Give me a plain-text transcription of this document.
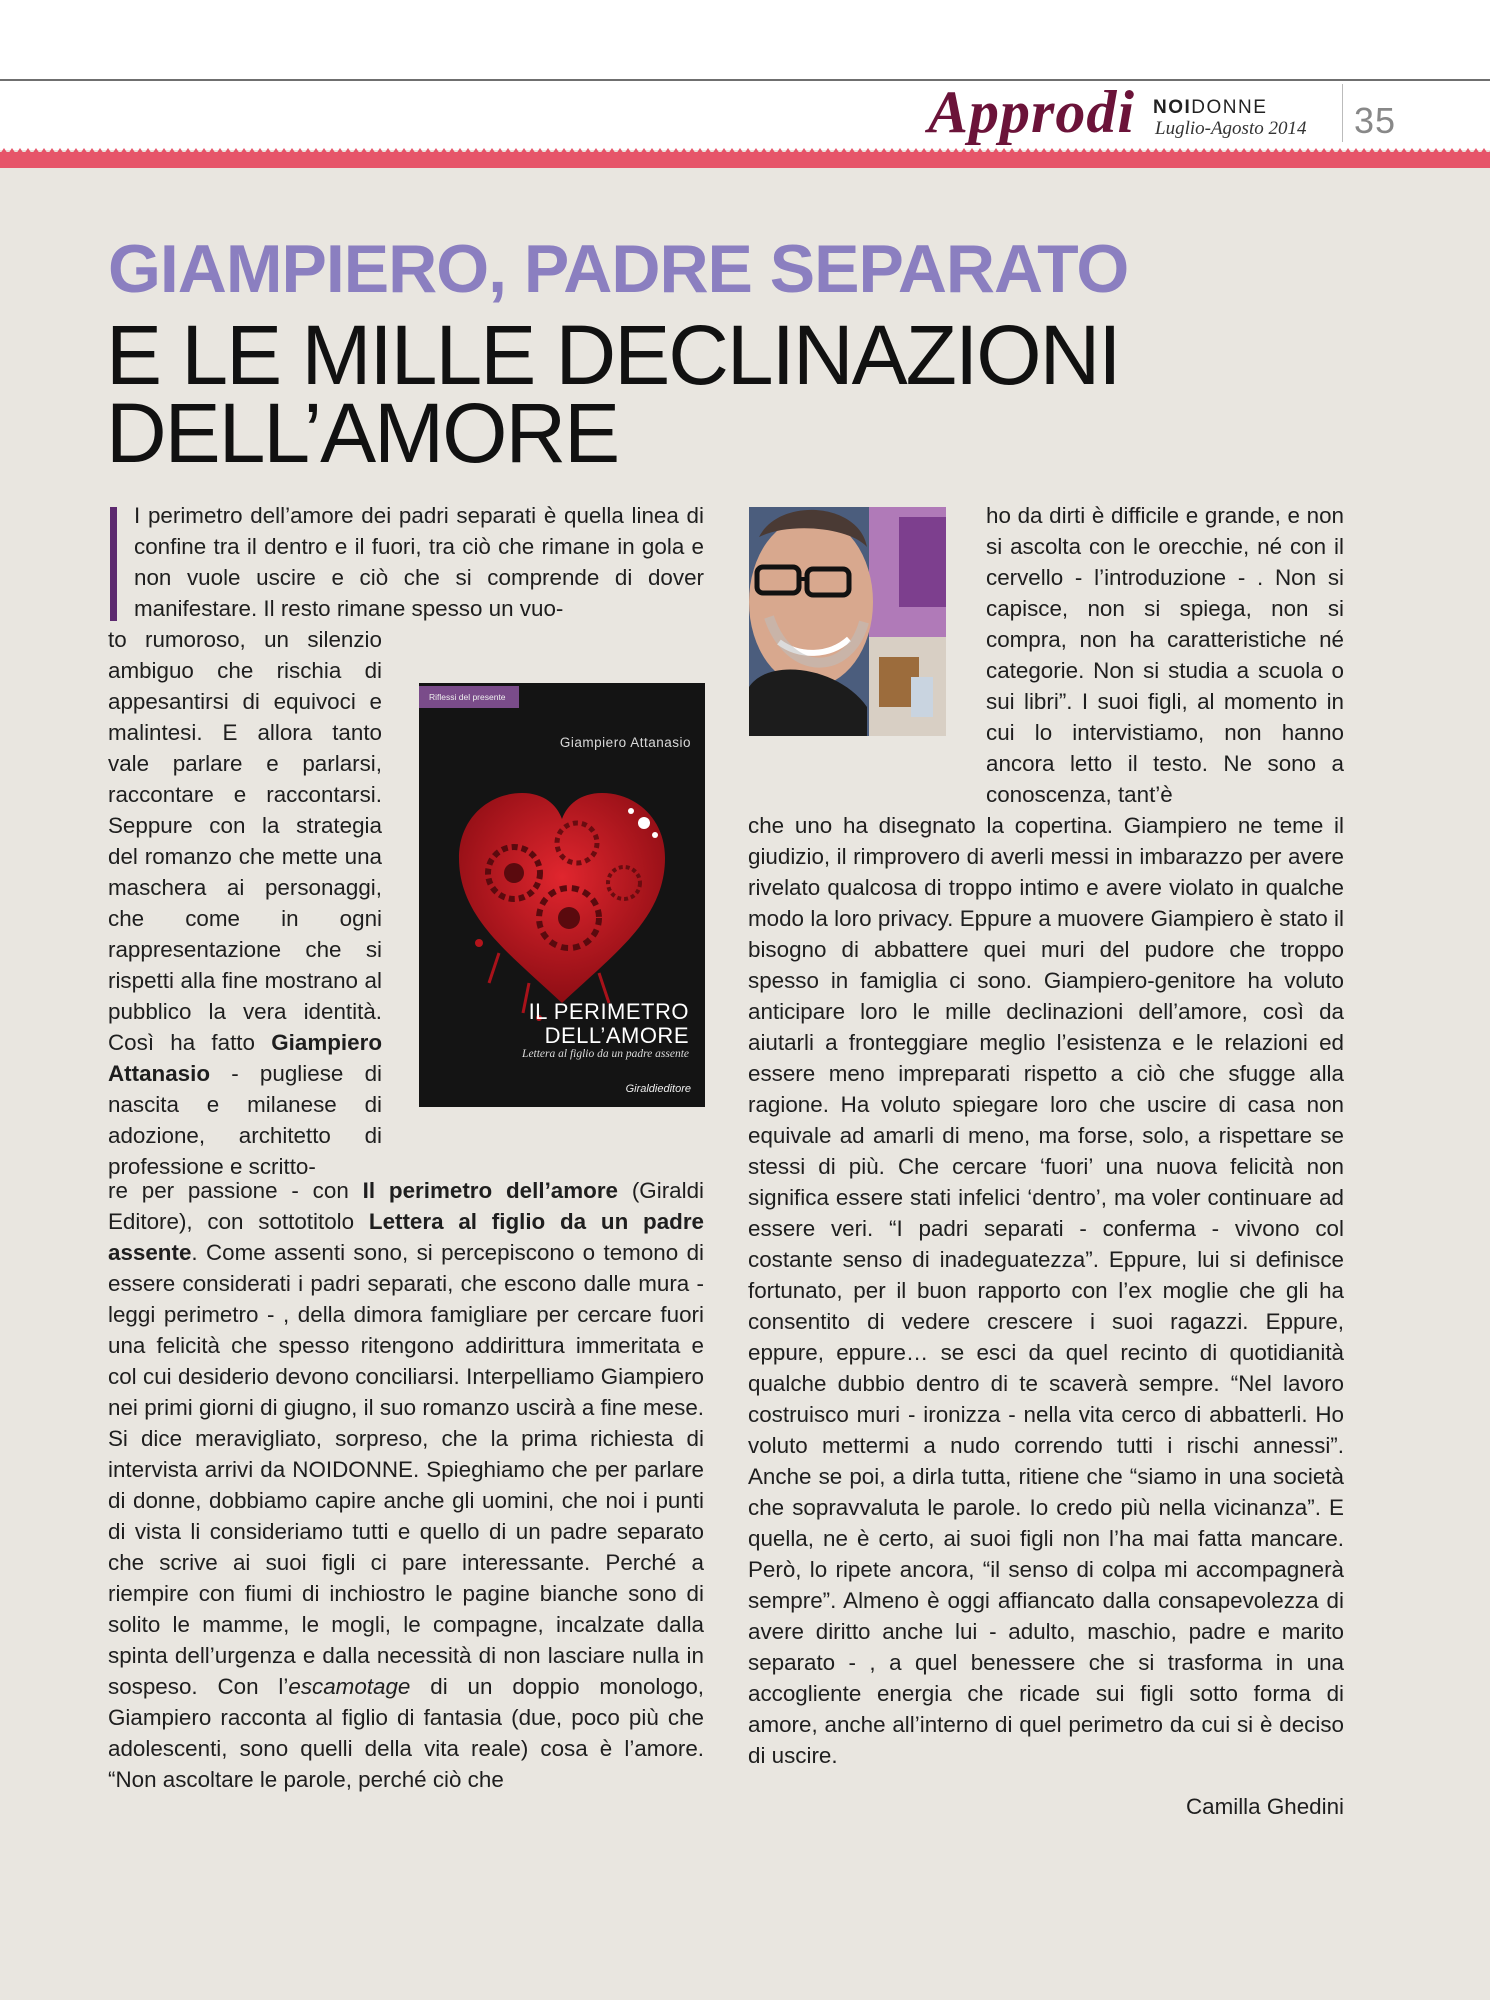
Approdi NOIDONNE
Luglio-Agosto 2014 35
GIAMPIERO, PADRE SEPARATO
E LE MILLE DECLINAZIONI
DELL’AMORE

I perimetro dell’amore dei padri separati è quella linea di confine tra il dentro e il fuori, tra ciò che rimane in gola e non vuole uscire e ciò che si comprende di dover manifestare. Il resto rimane spesso un vuo-

to rumoroso, un silenzio ambiguo che rischia di appesantirsi di equivoci e malintesi. E allora tanto vale parlare e parlarsi, raccontare e raccontarsi. Seppure con la strategia del romanzo che mette una maschera ai personaggi, che come in ogni rappresentazione che si rispetti alla fine mostrano al pubblico la vera identità. Così ha fatto Giampiero Attanasio - pugliese di nascita e milanese di adozione, architetto di professione e scritto-

Riflessi del presente
Giampiero Attanasio
IL PERIMETRO
DELL’AMORE
Lettera al figlio da un padre assente
Giraldieditore

re per passione - con Il perimetro dell’amore (Giraldi Editore), con sottotitolo Lettera al figlio da un padre assente. Come assenti sono, si percepiscono o temono di essere considerati i padri separati, che escono dalle mura - leggi perimetro - , della dimora famigliare per cercare fuori una felicità che spesso ritengono addirittura immeritata e col cui desiderio devono conciliarsi. Interpelliamo Giampiero nei primi giorni di giugno, il suo romanzo uscirà a fine mese. Si dice meravigliato, sorpreso, che la prima richiesta di intervista arrivi da NOIDONNE. Spieghiamo che per parlare di donne, dobbiamo capire anche gli uomini, che noi i punti di vista li consideriamo tutti e quello di un padre separato che scrive ai suoi figli ci pare interessante. Perché a riempire con fiumi di inchiostro le pagine bianche sono di solito le mamme, le mogli, le compagne, incalzate dalla spinta dell’urgenza e dalla necessità di non lasciare nulla in sospeso. Con l’escamotage di un doppio monologo, Giampiero racconta al figlio di fantasia (due, poco più che adolescenti, sono quelli della vita reale) cosa è l’amore. “Non ascoltare le parole, perché ciò che

ho da dirti è difficile e grande, e non si ascolta con le orecchie, né con il cervello - l’introduzione - . Non si capisce, non si spiega, non si compra, non ha caratteristiche né categorie. Non si studia a scuola o sui libri”. I suoi figli, al momento in cui lo intervistiamo, non hanno ancora letto il testo. Ne sono a conoscenza, tant’è

che uno ha disegnato la copertina. Giampiero ne teme il giudizio, il rimprovero di averli messi in imbarazzo per avere rivelato qualcosa di troppo intimo e avere violato in qualche modo la loro privacy. Eppure a muovere Giampiero è stato il bisogno di abbattere quei muri del pudore che troppo spesso in famiglia ci sono. Giampiero-genitore ha voluto anticipare loro le mille declinazioni dell’amore, così da aiutarli a fronteggiare meglio l’esistenza e le relazioni ed essere meno impreparati rispetto a ciò che sfugge alla ragione. Ha voluto spiegare loro che uscire di casa non equivale ad amarli di meno, ma forse, solo, a rispettare se stessi di più. Che cercare ‘fuori’ una nuova felicità non significa essere stati infelici ‘dentro’, ma voler continuare ad essere veri. “I padri separati - conferma - vivono col costante senso di inadeguatezza”. Eppure, lui si definisce fortunato, per il buon rapporto con l’ex moglie che gli ha consentito di vedere crescere i suoi ragazzi. Eppure, eppure, eppure… se esci da quel recinto di quotidianità qualche dubbio dentro di te scaverà sempre. “Nel lavoro costruisco muri - ironizza - nella vita cerco di abbatterli. Ho voluto mettermi a nudo correndo tutti i rischi annessi”. Anche se poi, a dirla tutta, ritiene che “siamo in una società che sopravvaluta le parole. Io credo più nella vicinanza”. E quella, ne è certo, ai suoi figli non l’ha mai fatta mancare. Però, lo ripete ancora, “il senso di colpa mi accompagnerà sempre”. Almeno è oggi affiancato dalla consapevolezza di avere diritto anche lui - adulto, maschio, padre e marito separato - , a quel benessere che si trasforma in una accogliente energia che ricade sui figli sotto forma di amore, anche all’interno di quel perimetro da cui si è deciso di uscire.

Camilla Ghedini
